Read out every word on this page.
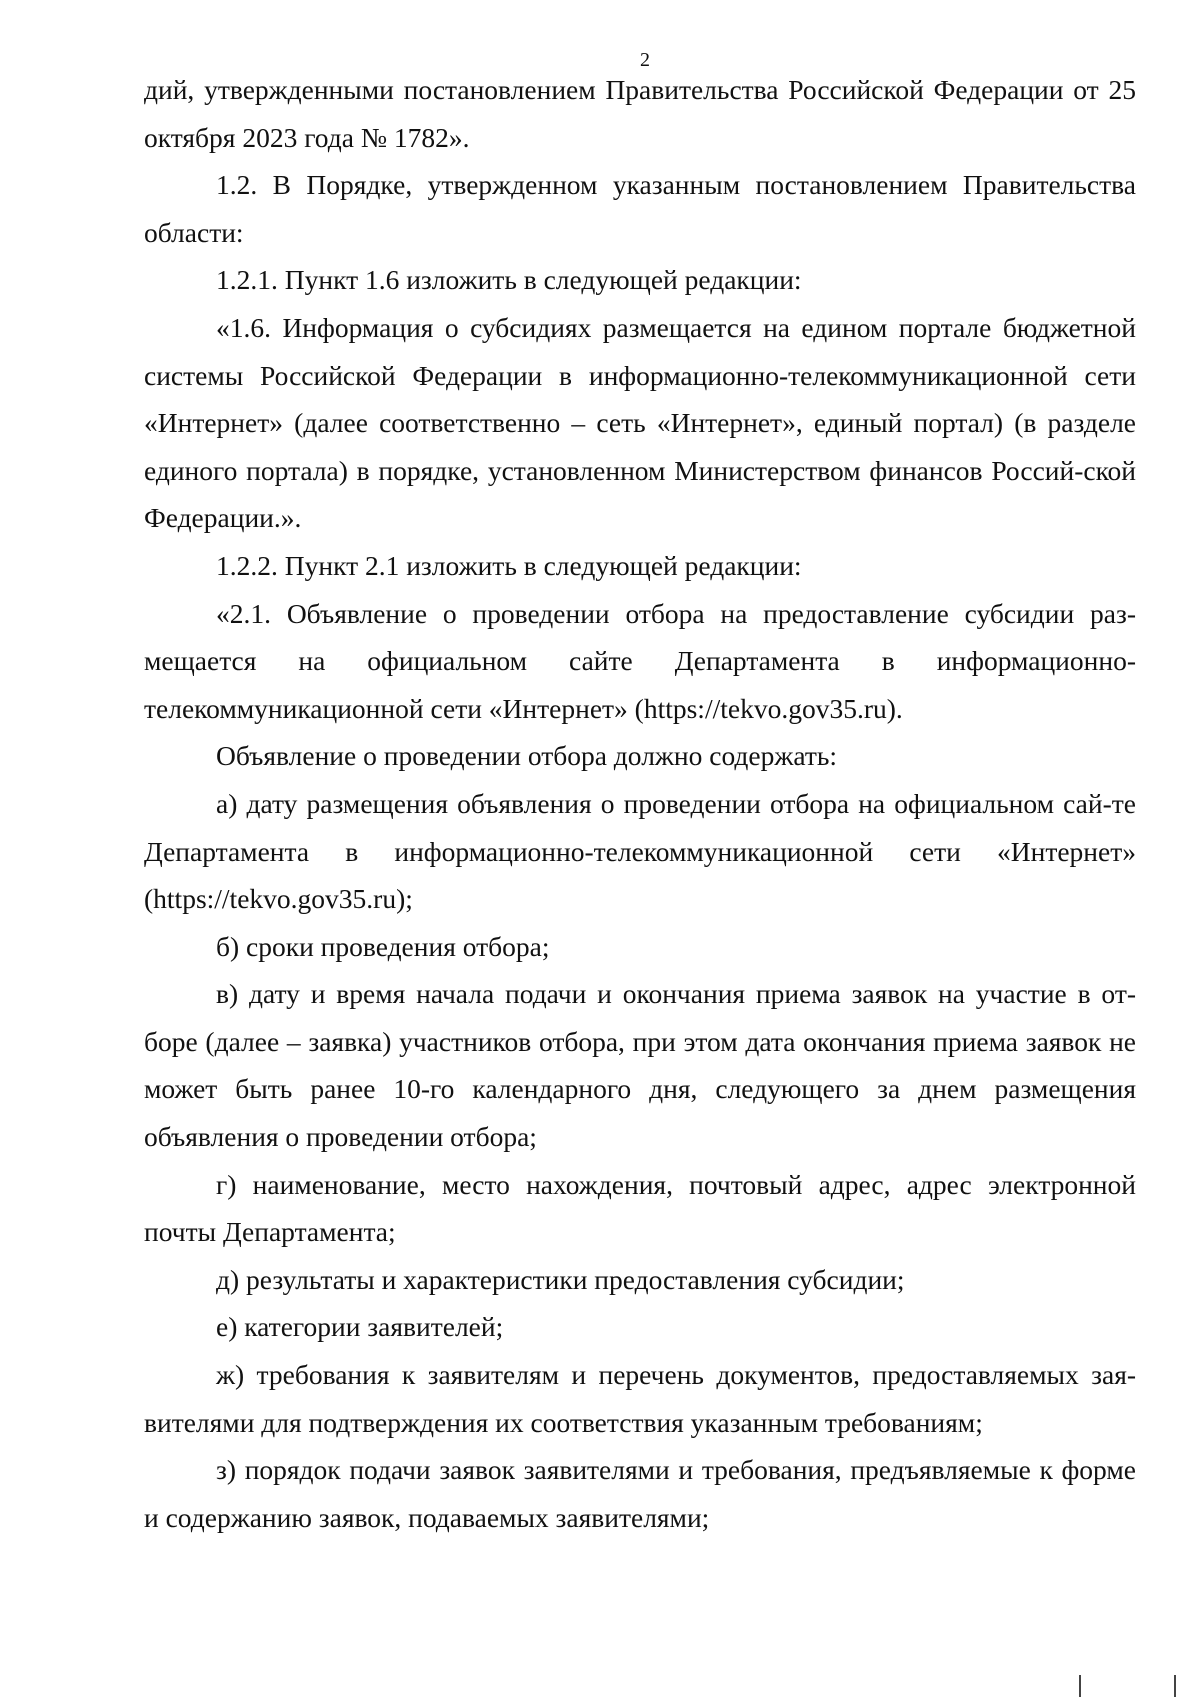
2

дий, утвержденными постановлением Правительства Российской Федерации от 25 октября 2023 года № 1782».

1.2. В Порядке, утвержденном указанным постановлением Правительства области:

1.2.1. Пункт 1.6 изложить в следующей редакции:

«1.6. Информация о субсидиях размещается на едином портале бюджетной системы Российской Федерации в информационно-телекоммуникационной сети «Интернет» (далее соответственно – сеть «Интернет», единый портал) (в разделе единого портала) в порядке, установленном Министерством финансов Россий-ской Федерации.».

1.2.2. Пункт 2.1 изложить в следующей редакции:

«2.1. Объявление о проведении отбора на предоставление субсидии раз-мещается на официальном сайте Департамента в информационно-телекоммуникационной сети «Интернет» (https://tekvo.gov35.ru).

Объявление о проведении отбора должно содержать:

а) дату размещения объявления о проведении отбора на официальном сай-те Департамента в информационно-телекоммуникационной сети «Интернет» (https://tekvo.gov35.ru);

б) сроки проведения отбора;

в) дату и время начала подачи и окончания приема заявок на участие в от-боре (далее – заявка) участников отбора, при этом дата окончания приема заявок не может быть ранее 10-го календарного дня, следующего за днем размещения объявления о проведении отбора;

г) наименование, место нахождения, почтовый адрес, адрес электронной почты Департамента;

д) результаты и характеристики предоставления субсидии;

е) категории заявителей;

ж) требования к заявителям и перечень документов, предоставляемых зая-вителями для подтверждения их соответствия указанным требованиям;

з) порядок подачи заявок заявителями и требования, предъявляемые к форме и содержанию заявок, подаваемых заявителями;
